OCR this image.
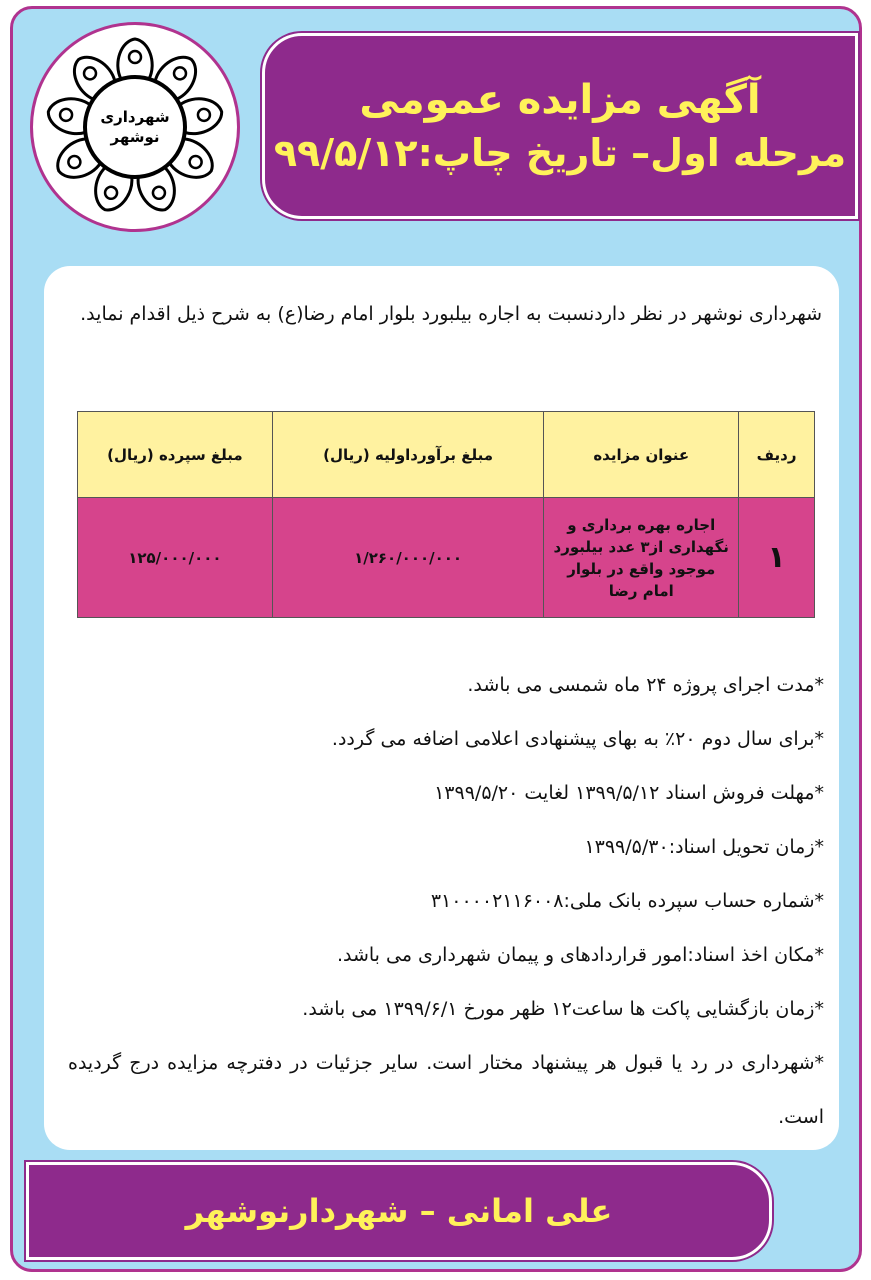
شهرداری
نوشهر
آگهی مزایده عمومی
مرحله اول– تاریخ چاپ:۹۹/۵/۱۲

شهرداری نوشهر در نظر داردنسبت به اجاره بیلبورد بلوار امام رضا(ع) به شرح ذیل اقدام نماید.

ردیف	عنوان مزایده	مبلغ برآورداولیه (ریال)	مبلغ سپرده (ریال)
۱	اجاره بهره برداری و نگهداری از۳ عدد بیلبورد موجود واقع در بلوار امام رضا	۱/۲۶۰/۰۰۰/۰۰۰	۱۲۵/۰۰۰/۰۰۰
*مدت اجرای پروژه ۲۴ ماه شمسی می باشد.
*برای سال دوم ۲۰٪ به بهای پیشنهادی اعلامی اضافه می گردد.
*مهلت فروش اسناد ۱۳۹۹/۵/۱۲ لغایت ۱۳۹۹/۵/۲۰
*زمان تحویل اسناد:۱۳۹۹/۵/۳۰
*شماره حساب سپرده بانک ملی:۳۱۰۰۰۰۲۱۱۶۰۰۸
*مکان اخذ اسناد:امور قراردادهای و پیمان شهرداری می باشد.
*زمان بازگشایی پاکت ها ساعت۱۲ ظهر مورخ ۱۳۹۹/۶/۱ می باشد.
*شهرداری در رد یا قبول هر پیشنهاد مختار است. سایر جزئیات در دفترچه مزایده درج گردیده است.
علی امانی – شهردارنوشهر
